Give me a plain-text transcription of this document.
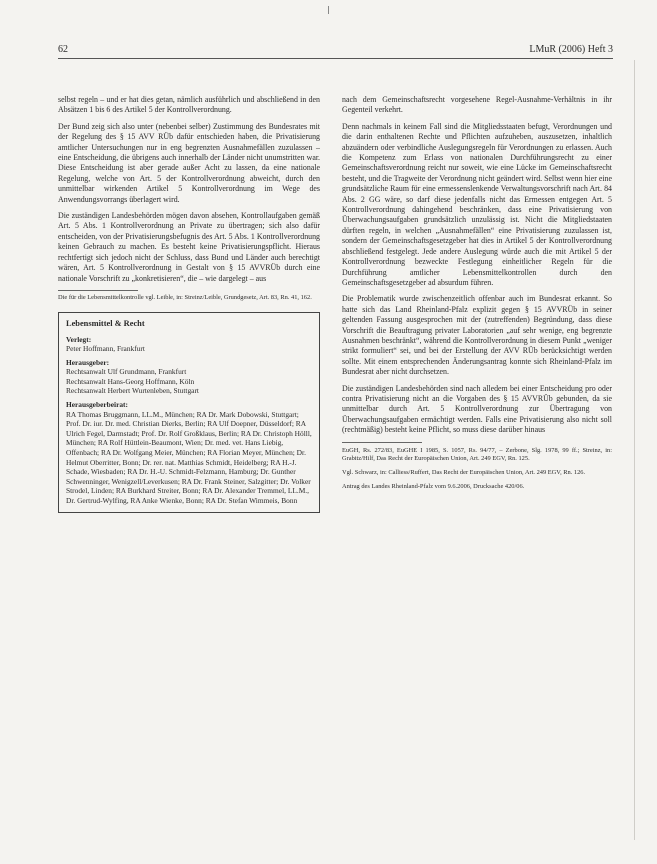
62	LMuR (2006) Heft 3

selbst regeln – und er hat dies getan, nämlich ausführlich und abschließend in den Absätzen 1 bis 6 des Artikel 5 der Kontrollverordnung.

Der Bund zeig sich also unter (nebenbei selber) Zustimmung des Bundesrates mit der Regelung des § 15 AVV RÜb dafür entschieden haben, die Privatisierung amtlicher Untersuchungen nur in eng begrenzten Ausnahmefällen zuzulassen – eine Entscheidung, die übrigens auch innerhalb der Länder nicht unumstritten war. Diese Entscheidung ist aber gerade außer Acht zu lassen, da eine nationale Regelung, welche von Art. 5 der Kontrollverordnung abweicht, durch den unmittelbar wirkenden Artikel 5 Kontrollverordnung im Wege des Anwendungsvorrangs überlagert wird.

Die zuständigen Landesbehörden mögen davon absehen, Kontrollaufgaben gemäß Art. 5 Abs. 1 Kontrollverordnung an Private zu übertragen; sich also dafür entscheiden, von der Privatisierungsbefugnis des Art. 5 Abs. 1 Kontrollverordnung keinen Gebrauch zu machen. Es besteht keine Privatisierungspflicht. Hieraus rechtfertigt sich jedoch nicht der Schluss, dass Bund und Länder auch berechtigt wären, Art. 5 Kontrollverordnung in Gestalt von § 15 AVVRÜb durch eine nationale Vorschrift zu „konkretisieren“, die – wie dargelegt – aus

Die für die Lebensmittelkontrolle vgl. Leible, in: Streinz/Leible, Grundgesetz, Art. 83, Rn. 41, 162.

Lebensmittel & Recht
Verlegt:

Peter Hoffmann, Frankfurt

Herausgeber:

Rechtsanwalt Ulf Grundmann, Frankfurt

Rechtsanwalt Hans-Georg Hoffmann, Köln

Rechtsanwalt Herbert Wurtenleben, Stuttgart

Herausgeberbeirat:

RA Thomas Bruggmann, LL.M., München; RA Dr. Mark Dobowski, Stuttgart; Prof. Dr. iur. Dr. med. Christian Dierks, Berlin; RA Ulf Doepner, Düsseldorf; RA Ulrich Fegel, Darmstadt; Prof. Dr. Rolf Großklaus, Berlin; RA Dr. Christoph Hölll, München; RA Rolf Hüttlein-Beaumont, Wien; Dr. med. vet. Hans Liebig, Offenbach; RA Dr. Wolfgang Meier, München; RA Florian Meyer, München; Dr. Helmut Oberritter, Bonn; Dr. rer. nat. Matthias Schmidt, Heidelberg; RA H.-J. Schade, Wiesbaden; RA Dr. H.-U. Schmidt-Felzmann, Hamburg; Dr. Gunther Schwenninger, Wenigzell/Leverkusen; RA Dr. Frank Steiner, Salzgitter; Dr. Volker Strodel, Linden; RA Burkhard Streiter, Bonn; RA Dr. Alexander Tremmel, LL.M., Dr. Gertrud-Wylfing, RA Anke Wienke, Bonn; RA Dr. Stefan Wimmeis, Bonn

nach dem Gemeinschaftsrecht vorgesehene Regel-Ausnahme-Verhältnis in ihr Gegenteil verkehrt.

Denn nachmals in keinem Fall sind die Mitgliedsstaaten befugt, Verordnungen und die darin enthaltenen Rechte und Pflichten aufzuheben, auszusetzen, inhaltlich abzuändern oder verbindliche Auslegungsregeln für Verordnungen zu erlassen. Auch die Kompetenz zum Erlass von nationalen Durchführungsrecht zu einer Gemeinschaftsverordnung reicht nur soweit, wie eine Lücke im Gemeinschaftsrecht besteht, und die Tragweite der Verordnung nicht geändert wird. Selbst wenn hier eine grundsätzliche Raum für eine ermessenslenkende Verwaltungsvorschrift nach Art. 84 Abs. 2 GG wäre, so darf diese jedenfalls nicht das Ermessen entgegen Art. 5 Kontrollverordnung dahingehend beschränken, dass eine Privatisierung von Überwachungsaufgaben grundsätzlich unzulässig ist. Nicht die Mitgliedstaaten dürften regeln, in welchen „Ausnahmefällen“ eine Privatisierung zuzulassen ist, sondern der Gemeinschaftsgesetzgeber hat dies in Artikel 5 der Kontrollverordnung abschließend festgelegt. Jede andere Auslegung würde auch die mit Artikel 5 der Kontrollverordnung bezweckte Festlegung einheitlicher Regeln für die Durchführung amtlicher Lebensmittelkontrollen durch den Gemeinschaftsgesetzgeber ad absurdum führen.

Die Problematik wurde zwischenzeitlich offenbar auch im Bundesrat erkannt. So hatte sich das Land Rheinland-Pfalz explizit gegen § 15 AVVRÜb in seiner geltenden Fassung ausgesprochen mit der (zutreffenden) Begründung, dass diese Vorschrift die Beauftragung privater Laboratorien „auf sehr wenige, eng begrenzte Ausnahmen beschränkt“, während die Kontrollverordnung in diesem Punkt „weniger strikt formuliert“ sei, und bei der Erstellung der AVV RÜb berücksichtigt werden sollte. Mit einem entsprechenden Änderungsantrag konnte sich Rheinland-Pfalz im Bundesrat aber nicht durchsetzen.

Die zuständigen Landesbehörden sind nach alledem bei einer Entscheidung pro oder contra Privatisierung nicht an die Vorgaben des § 15 AVVRÜb gebunden, da sie unmittelbar durch Art. 5 Kontrollverordnung zur Übertragung von Überwachungsaufgaben ermächtigt werden. Falls eine Privatisierung also nicht soll (rechtmäßig) besteht keine Pflicht, so muss diese darüber hinaus

EuGH, Rs. 272/83, EuGHE I 1985, S. 1057, Rs. 94/77, – Zerbone, Slg. 1978, 99 ff.; Streinz, in: Grabitz/Hilf, Das Recht der Europäischen Union, Art. 249 EGV, Rn. 125.

Vgl. Schwarz, in: Calliess/Ruffert, Das Recht der Europäischen Union, Art. 249 EGV, Rn. 126.

Antrag des Landes Rheinland-Pfalz vom 9.6.2006, Drucksache 420/06.
